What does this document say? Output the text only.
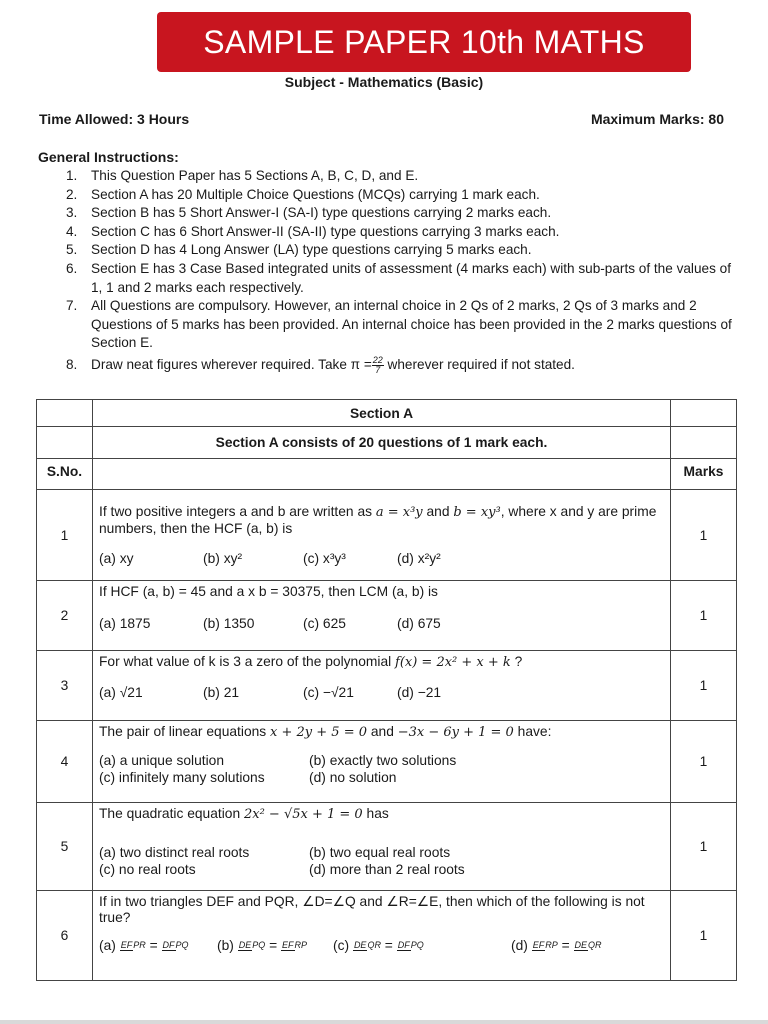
SAMPLE PAPER 10th MATHS
Subject - Mathematics (Basic)
Time Allowed: 3 Hours	Maximum Marks: 80
General Instructions:
1.	This Question Paper has 5 Sections A, B, C, D, and E.
2.	Section A has 20 Multiple Choice Questions (MCQs) carrying 1 mark each.
3.	Section B has 5 Short Answer-I (SA-I) type questions carrying 2 marks each.
4.	Section C has 6 Short Answer-II (SA-II) type questions carrying 3 marks each.
5.	Section D has 4 Long Answer (LA) type questions carrying 5 marks each.
6.	Section E has 3 Case Based integrated units of assessment (4 marks each) with sub-parts of the values of 1, 1 and 2 marks each respectively.
7.	All Questions are compulsory. However, an internal choice in 2 Qs of 2 marks, 2 Qs of 3 marks and 2 Questions of 5 marks has been provided. An internal choice has been provided in the 2 marks questions of Section E.
8.	Draw neat figures wherever required. Take $\pi = \frac{22}{7}$ wherever required if not stated.
	Section A	
	Section A consists of 20 questions of 1 mark each.	
S.No.		Marks
1	If two positive integers a and b are written as a = x³y and b = xy³, where x and y are prime numbers, then the HCF (a, b) is
(a) xy (b) xy² (c) x³y³ (d) x²y²	1
2	If HCF (a, b) = 45 and a x b = 30375, then LCM (a, b) is
(a) 1875 (b) 1350 (c) 625 (d) 675	1
3	For what value of k is 3 a zero of the polynomial f(x) = 2x² + x + k ?
(a) √21 (b) 21 (c) −√21 (d) −21	1
4	The pair of linear equations x + 2y + 5 = 0 and −3x − 6y + 1 = 0 have:
(a) a unique solution (b) exactly two solutions
(c) infinitely many solutions (d) no solution	1
5	The quadratic equation 2x² − √5x + 1 = 0 has
(a) two distinct real roots (b) two equal real roots
(c) no real roots (d) more than 2 real roots	1
6	If in two triangles DEF and PQR, ∠D=∠Q and ∠R=∠E, then which of the following is not true?
(a) EFPR = DFPQ (b) DEPQ = EFRP (c) DEQR = DFPQ (d) EFRP = DEQR	1
